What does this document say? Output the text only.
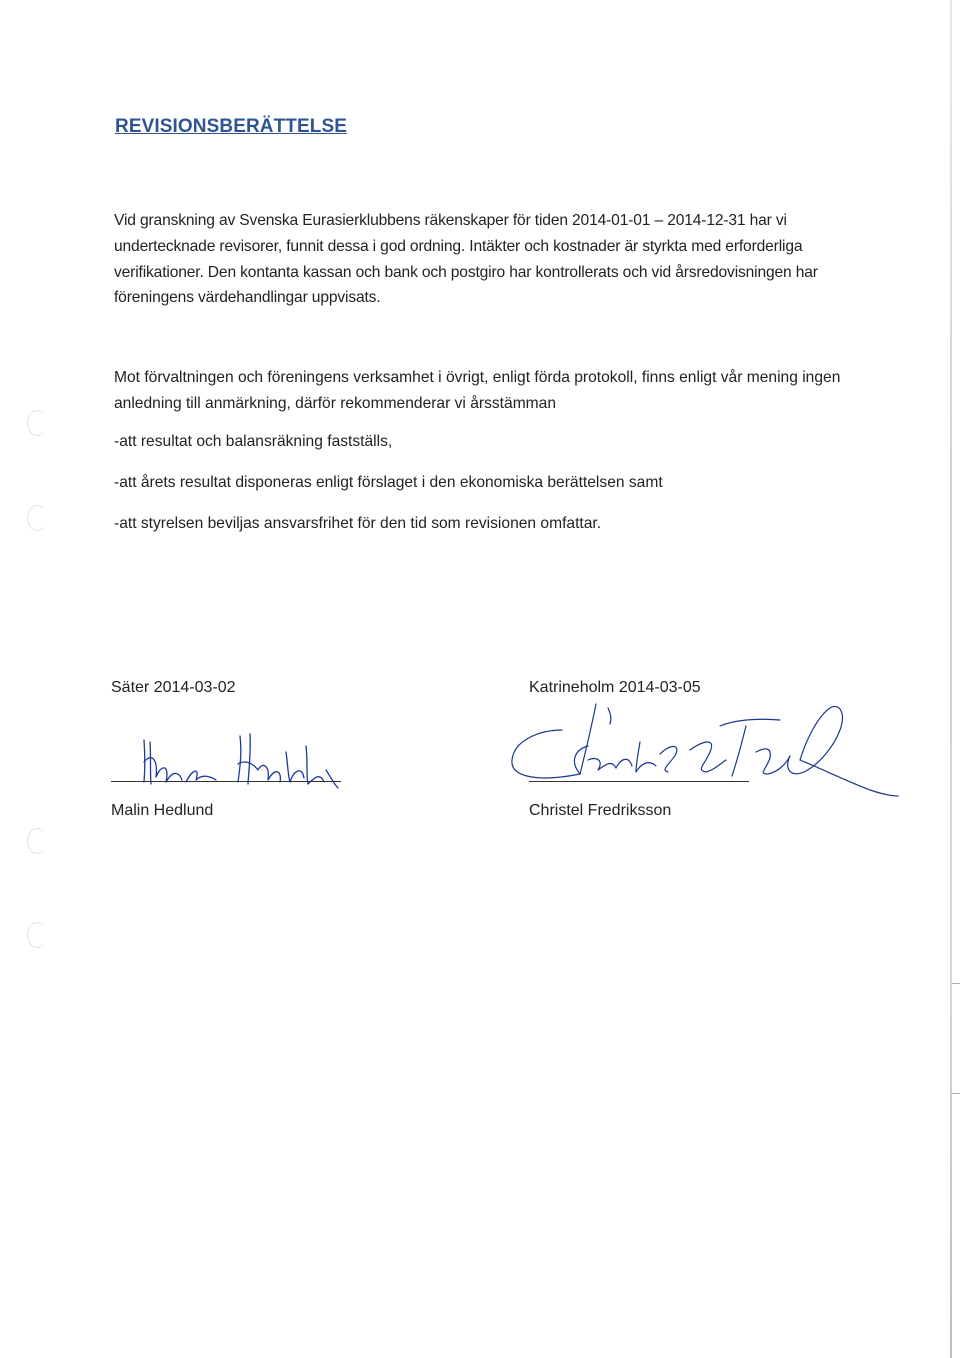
REVISIONSBERÄTTELSE

Vid granskning av Svenska Eurasierklubbens räkenskaper för tiden 2014-01-01 – 2014-12-31 har vi undertecknade revisorer, funnit dessa i god ordning. Intäkter och kostnader är styrkta med erforderliga verifikationer. Den kontanta kassan och bank och postgiro har kontrollerats och vid årsredovisningen har föreningens värdehandlingar uppvisats.

Mot förvaltningen och föreningens verksamhet i övrigt, enligt förda protokoll, finns enligt vår mening ingen anledning till anmärkning, därför rekommenderar vi årsstämman

-att resultat och balansräkning fastställs,

-att årets resultat disponeras enligt förslaget i den ekonomiska berättelsen samt

-att styrelsen beviljas ansvarsfrihet för den tid som revisionen omfattar.

Säter 2014-03-02	Katrineholm 2014-03-05
Malin Hedlund	Christel Fredriksson
